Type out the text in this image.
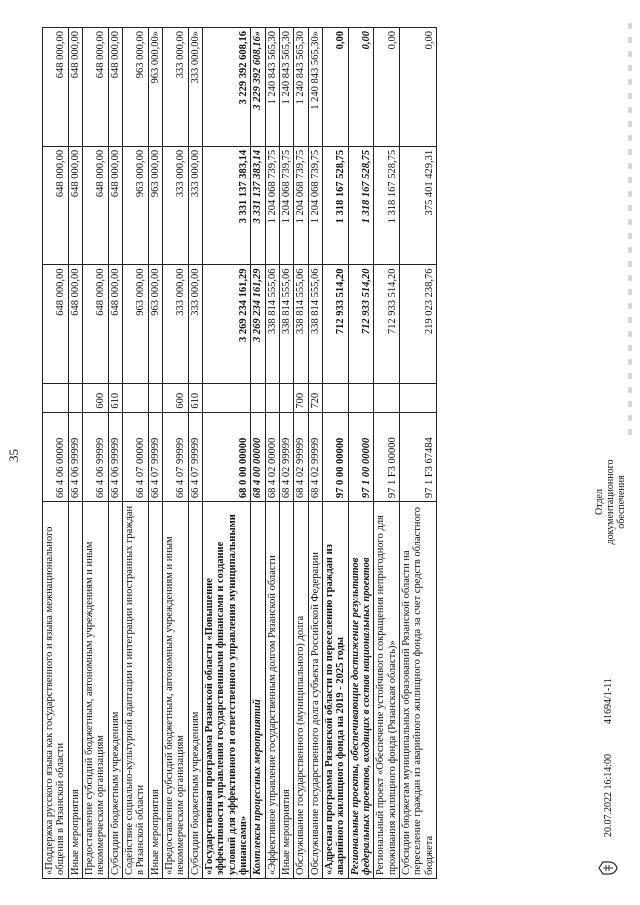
35
«Поддержка русского языка как государственного и языка межнационального общения в Рязанской области	66 4 06 00000		648 000,00	648 000,00	648 000,00
Иные мероприятия	66 4 06 99999		648 000,00	648 000,00	648 000,00
Предоставление субсидий бюджетным, автономным учреждениям и иным некоммерческим организациям	66 4 06 99999	600	648 000,00	648 000,00	648 000,00
Субсидии бюджетным учреждениям	66 4 06 99999	610	648 000,00	648 000,00	648 000,00
Содействие социально-культурной адаптации и интеграции иностранных граждан в Рязанской области	66 4 07 00000		963 000,00	963 000,00	963 000,00
Иные мероприятия	66 4 07 99999		963 000,00	963 000,00	963 000,00»
«Предоставление субсидий бюджетным, автономным учреждениям и иным некоммерческим организациям	66 4 07 99999	600	333 000,00	333 000,00	333 000,00
Субсидии бюджетным учреждениям	66 4 07 99999	610	333 000,00	333 000,00	333 000,00»
«Государственная программа Рязанской области «Повышение эффективности управления государственными финансами и создание условий для эффективного и ответственного управления муниципальными финансами»	68 0 00 00000		3 269 234 161,29	3 331 137 383,14	3 229 392 608,16
Комплексы процессных мероприятий	68 4 00 00000		3 269 234 161,29	3 331 137 383,14	3 229 392 608,16»
«Эффективное управление государственным долгом Рязанской области	68 4 02 00000		338 814 555,06	1 204 068 739,75	1 240 843 565,30
Иные мероприятия	68 4 02 99999		338 814 555,06	1 204 068 739,75	1 240 843 565,30
Обслуживание государственного (муниципального) долга	68 4 02 99999	700	338 814 555,06	1 204 068 739,75	1 240 843 565,30
Обслуживание государственного долга субъекта Российской Федерации	68 4 02 99999	720	338 814 555,06	1 204 068 739,75	1 240 843 565,30»
«Адресная программа Рязанской области по переселению граждан из аварийного жилищного фонда на 2019 - 2025 годы	97 0 00 00000		712 933 514,20	1 318 167 528,75	0,00
Региональные проекты, обеспечивающие достижение результатов федеральных проектов, входящих в состав национальных проектов	97 1 00 00000		712 933 514,20	1 318 167 528,75	0,00
Региональный проект «Обеспечение устойчивого сокращения непригодного для проживания жилищного фонда (Рязанская область)»	97 1 F3 00000		712 933 514,20	1 318 167 528,75	0,00
Субсидии бюджетам муниципальных образований Рязанской области на переселение граждан из аварийного жилищного фонда за счет средств областного бюджета	97 1 F3 67484		219 023 238,76	375 401 429,31	0,00
20.07.2022 16:14:00
41694/1-11
Отдел документационного обеспечения
